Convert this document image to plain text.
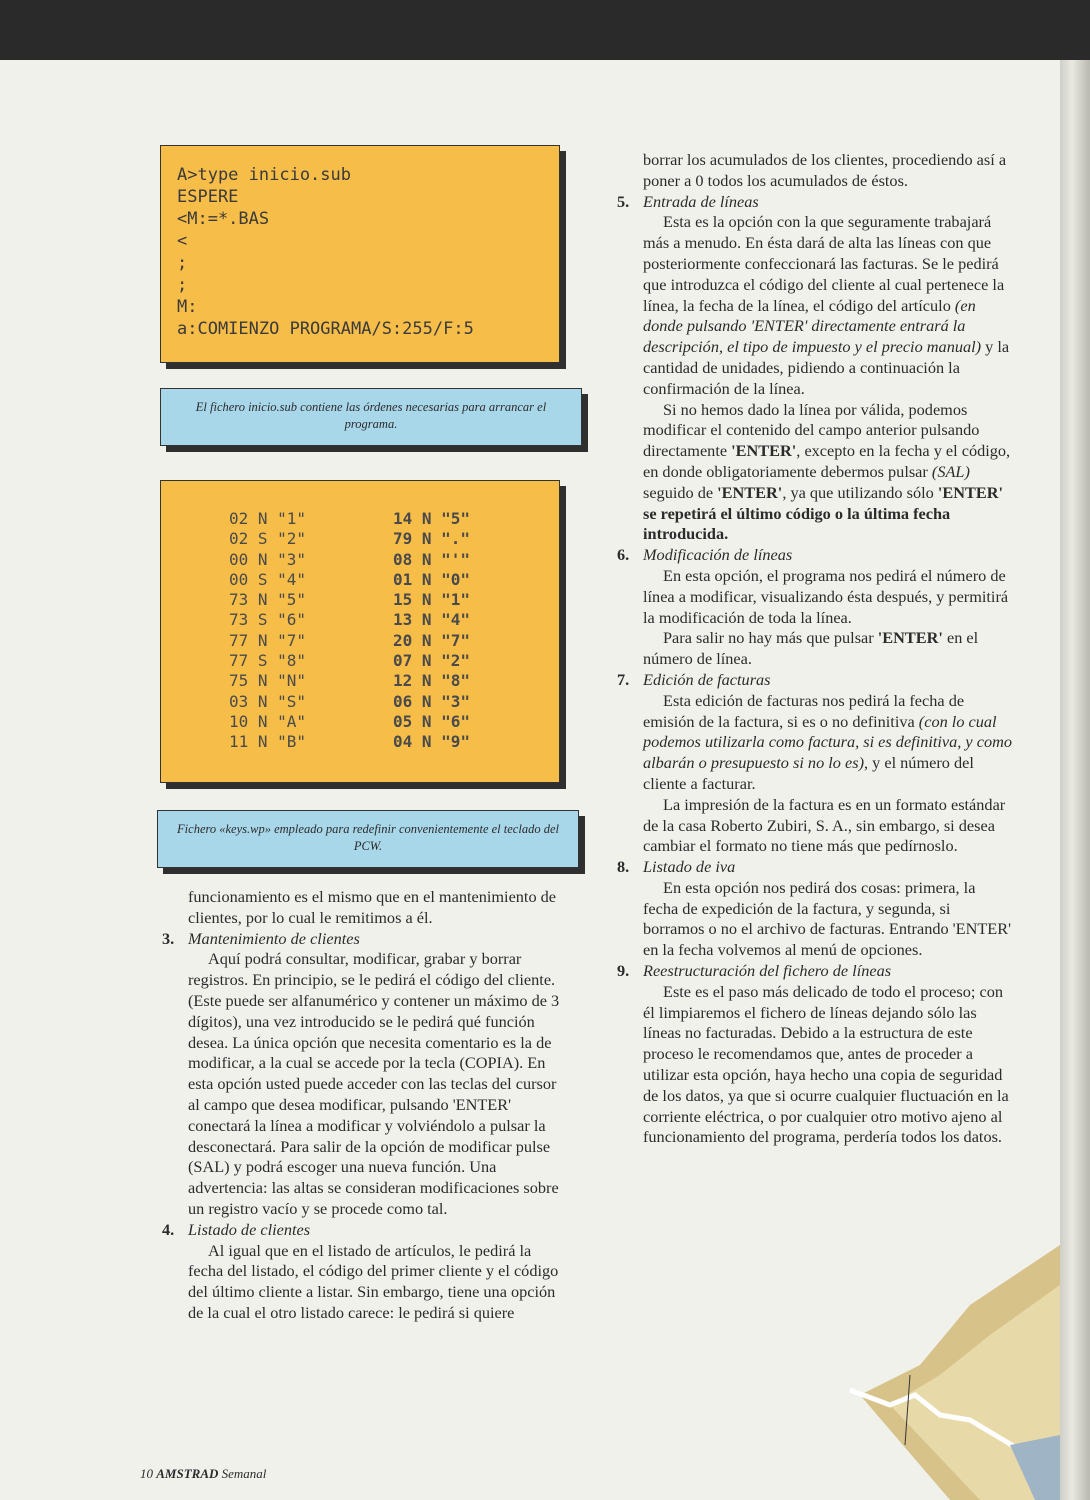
A>type inicio.sub
ESPERE
<M:=*.BAS
<
;
;
M:
a:COMIENZO PROGRAMA/S:255/F:5
El fichero inicio.sub contiene las órdenes necesarias para arrancar el programa.

02 N "1"
02 S "2"
00 N "3"
00 S "4"
73 N "5"
73 S "6"
77 N "7"
77 S "8"
75 N "N"
03 N "S"
10 N "A"
11 N "B"

14 N "5"
79 N "."
08 N "'"
01 N "0"
15 N "1"
13 N "4"
20 N "7"
07 N "2"
12 N "8"
06 N "3"
05 N "6"
04 N "9"

Fichero «keys.wp» empleado para redefinir convenientemente el teclado del PCW.

funcionamiento es el mismo que en el mantenimiento de clientes, por lo cual le remitimos a él.

3. Mantenimiento de clientes

Aquí podrá consultar, modificar, grabar y borrar registros. En principio, se le pedirá el código del cliente. (Este puede ser alfanumérico y contener un máximo de 3 dígitos), una vez introducido se le pedirá qué función desea. La única opción que necesita comentario es la de modificar, a la cual se accede por la tecla (COPIA). En esta opción usted puede acceder con las teclas del cursor al campo que desea modificar, pulsando 'ENTER' conectará la línea a modificar y volviéndolo a pulsar la desconectará. Para salir de la opción de modificar pulse (SAL) y podrá escoger una nueva función. Una advertencia: las altas se consideran modificaciones sobre un registro vacío y se procede como tal.

4. Listado de clientes

Al igual que en el listado de artículos, le pedirá la fecha del listado, el código del primer cliente y el código del último cliente a listar. Sin embargo, tiene una opción de la cual el otro listado carece: le pedirá si quiere

borrar los acumulados de los clientes, procediendo así a poner a 0 todos los acumulados de éstos.

5. Entrada de líneas

Esta es la opción con la que seguramente trabajará más a menudo. En ésta dará de alta las líneas con que posteriormente confeccionará las facturas. Se le pedirá que introduzca el código del cliente al cual pertenece la línea, la fecha de la línea, el código del artículo (en donde pulsando 'ENTER' directamente entrará la descripción, el tipo de impuesto y el precio manual) y la cantidad de unidades, pidiendo a continuación la confirmación de la línea.

Si no hemos dado la línea por válida, podemos modificar el contenido del campo anterior pulsando directamente 'ENTER', excepto en la fecha y el código, en donde obligatoriamente debermos pulsar (SAL) seguido de 'ENTER', ya que utilizando sólo 'ENTER' se repetirá el último código o la última fecha introducida.

6. Modificación de líneas

En esta opción, el programa nos pedirá el número de línea a modificar, visualizando ésta después, y permitirá la modificación de toda la línea.

Para salir no hay más que pulsar 'ENTER' en el número de línea.

7. Edición de facturas

Esta edición de facturas nos pedirá la fecha de emisión de la factura, si es o no definitiva (con lo cual podemos utilizarla como factura, si es definitiva, y como albarán o presupuesto si no lo es), y el número del cliente a facturar.

La impresión de la factura es en un formato estándar de la casa Roberto Zubiri, S. A., sin embargo, si desea cambiar el formato no tiene más que pedírnoslo.

8. Listado de iva

En esta opción nos pedirá dos cosas: primera, la fecha de expedición de la factura, y segunda, si borramos o no el archivo de facturas. Entrando 'ENTER' en la fecha volvemos al menú de opciones.

9. Reestructuración del fichero de líneas

Este es el paso más delicado de todo el proceso; con él limpiaremos el fichero de líneas dejando sólo las líneas no facturadas. Debido a la estructura de este proceso le recomendamos que, antes de proceder a utilizar esta opción, haya hecho una copia de seguridad de los datos, ya que si ocurre cualquier fluctuación en la corriente eléctrica, o por cualquier otro motivo ajeno al funcionamiento del programa, perdería todos los datos.

10 AMSTRAD Semanal
